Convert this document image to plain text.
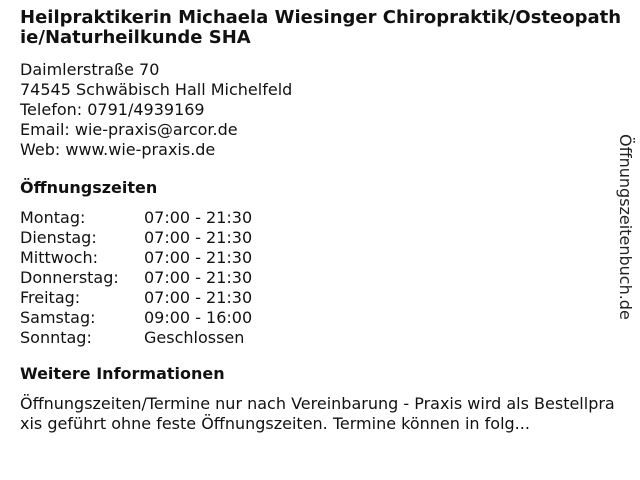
Heilpraktikerin Michaela Wiesinger Chiropraktik/Osteopathie/Naturheilkunde SHA
Daimlerstraße 70
74545 Schwäbisch Hall Michelfeld
Telefon: 0791/4939169
Email: wie-praxis@arcor.de
Web: www.wie-praxis.de
Öffnungszeiten
Montag:	07:00 - 21:30
Dienstag:	07:00 - 21:30
Mittwoch:	07:00 - 21:30
Donnerstag:	07:00 - 21:30
Freitag:	07:00 - 21:30
Samstag:	09:00 - 16:00
Sonntag:	Geschlossen
Weitere Informationen
Öffnungszeiten/Termine nur nach Vereinbarung - Praxis wird als Bestellpraxis geführt ohne feste Öffnungszeiten. Termine können in folg...
Öffnungszeitenbuch.de
